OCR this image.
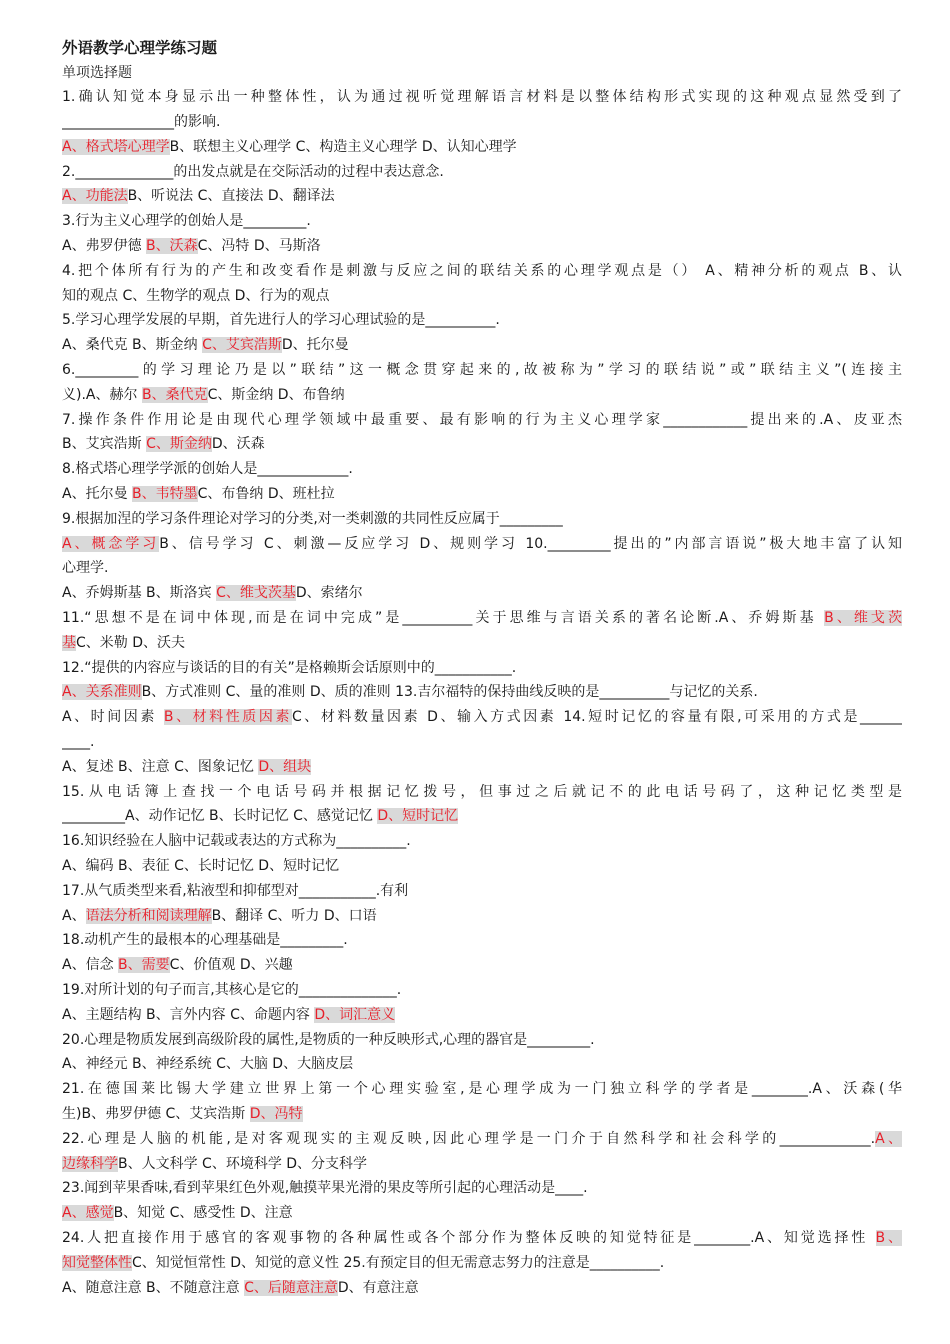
外语教学心理学练习题

单项选择题

1.确认知觉本身显示出一种整体性，认为通过视听觉理解语言材料是以整体结构形式实现的这种观点显然受到了

________________的影响.

A、格式塔心理学B、联想主义心理学 C、构造主义心理学 D、认知心理学

2.______________的出发点就是在交际活动的过程中表达意念.

A、功能法B、听说法 C、直接法 D、翻译法

3.行为主义心理学的创始人是_________.

A、弗罗伊德 B、沃森C、冯特 D、马斯洛

4.把个体所有行为的产生和改变看作是刺激与反应之间的联结关系的心理学观点是（） A、精神分析的观点 B、认

知的观点 C、生物学的观点 D、行为的观点

5.学习心理学发展的早期，首先进行人的学习心理试验的是__________.

A、桑代克 B、斯金纳 C、艾宾浩斯D、托尔曼

6._________的学习理论乃是以”联结”这一概念贯穿起来的,故被称为”学习的联结说”或”联结主义”(连接主

义).A、赫尔 B、桑代克C、斯金纳 D、布鲁纳

7.操作条件作用论是由现代心理学领域中最重要、最有影响的行为主义心理学家____________提出来的.A、皮亚杰

B、艾宾浩斯 C、斯金纳D、沃森

8.格式塔心理学学派的创始人是_____________.

A、托尔曼 B、韦特墨C、布鲁纳 D、班杜拉

9.根据加涅的学习条件理论对学习的分类,对一类刺激的共同性反应属于_________

A、概念学习B、信号学习 C、刺激—反应学习 D、规则学习 10._________提出的”内部言语说”极大地丰富了认知

心理学.

A、乔姆斯基 B、斯洛宾 C、维戈茨基D、索绪尔

11.“思想不是在词中体现,而是在词中完成”是__________关于思维与言语关系的著名论断.A、乔姆斯基 B、维戈茨

基C、米勒 D、沃夫

12.“提供的内容应与谈话的目的有关”是格赖斯会话原则中的___________.

A、关系准则B、方式准则 C、量的准则 D、质的准则 13.吉尔福特的保持曲线反映的是__________与记忆的关系.

A、时间因素 B、材料性质因素C、材料数量因素 D、输入方式因素 14.短时记忆的容量有限,可采用的方式是______

____.

A、复述 B、注意 C、图象记忆 D、组块

15.从电话簿上查找一个电话号码并根据记忆拨号，但事过之后就记不的此电话号码了，这种记忆类型是

_________A、动作记忆 B、长时记忆 C、感觉记忆 D、短时记忆

16.知识经验在人脑中记载或表达的方式称为__________.

A、编码 B、表征 C、长时记忆 D、短时记忆

17.从气质类型来看,粘液型和抑郁型对___________.有利

A、语法分析和阅读理解B、翻译 C、听力 D、口语

18.动机产生的最根本的心理基础是_________.

A、信念 B、需要C、价值观 D、兴趣

19.对所计划的句子而言,其核心是它的______________.

A、主题结构 B、言外内容 C、命题内容 D、词汇意义

20.心理是物质发展到高级阶段的属性,是物质的一种反映形式,心理的器官是_________.

A、神经元 B、神经系统 C、大脑 D、大脑皮层

21.在德国莱比锡大学建立世界上第一个心理实验室,是心理学成为一门独立科学的学者是________.A、沃森(华

生)B、弗罗伊德 C、艾宾浩斯 D、冯特

22.心理是人脑的机能,是对客观现实的主观反映,因此心理学是一门介于自然科学和社会科学的_____________.A、

边缘科学B、人文科学 C、环境科学 D、分支科学

23.闻到苹果香味,看到苹果红色外观,触摸苹果光滑的果皮等所引起的心理活动是____.

A、感觉B、知觉 C、感受性 D、注意

24.人把直接作用于感官的客观事物的各种属性或各个部分作为整体反映的知觉特征是________.A、知觉选择性 B、

知觉整体性C、知觉恒常性 D、知觉的意义性 25.有预定目的但无需意志努力的注意是__________.

A、随意注意 B、不随意注意 C、后随意注意D、有意注意
